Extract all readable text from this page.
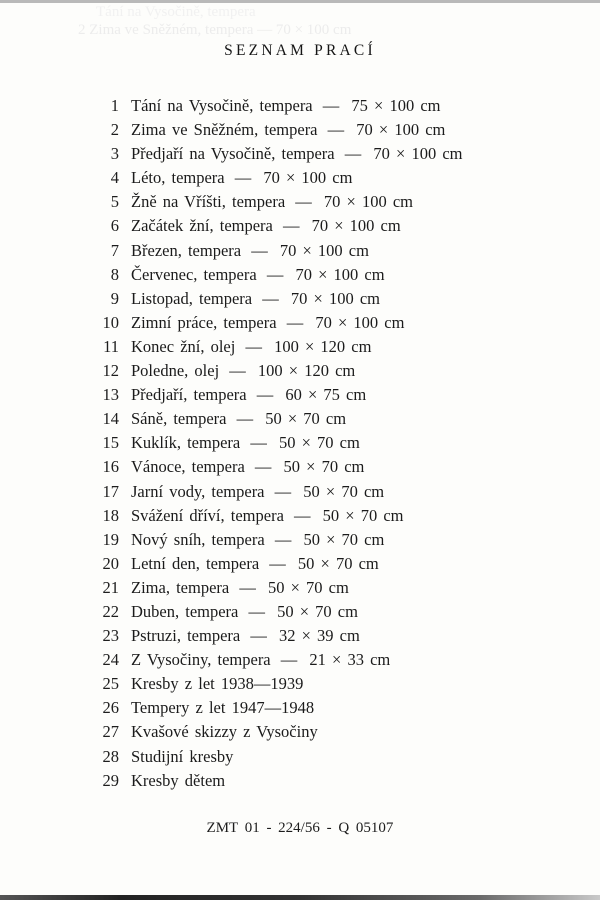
Tání na Vysočině, tempera
2 Zima ve Sněžném, tempera — 70 × 100 cm
SEZNAM PRACÍ
1 Tání na Vysočině, tempera — 75 × 100 cm
2 Zima ve Sněžném, tempera — 70 × 100 cm
3 Předjaří na Vysočině, tempera — 70 × 100 cm
4 Léto, tempera — 70 × 100 cm
5 Žně na Vříšti, tempera — 70 × 100 cm
6 Začátek žní, tempera — 70 × 100 cm
7 Březen, tempera — 70 × 100 cm
8 Červenec, tempera — 70 × 100 cm
9 Listopad, tempera — 70 × 100 cm
10 Zimní práce, tempera — 70 × 100 cm
11 Konec žní, olej — 100 × 120 cm
12 Poledne, olej — 100 × 120 cm
13 Předjaří, tempera — 60 × 75 cm
14 Sáně, tempera — 50 × 70 cm
15 Kuklík, tempera — 50 × 70 cm
16 Vánoce, tempera — 50 × 70 cm
17 Jarní vody, tempera — 50 × 70 cm
18 Svážení dříví, tempera — 50 × 70 cm
19 Nový sníh, tempera — 50 × 70 cm
20 Letní den, tempera — 50 × 70 cm
21 Zima, tempera — 50 × 70 cm
22 Duben, tempera — 50 × 70 cm
23 Pstruzi, tempera — 32 × 39 cm
24 Z Vysočiny, tempera — 21 × 33 cm
25 Kresby z let 1938—1939
26 Tempery z let 1947—1948
27 Kvašové skizzy z Vysočiny
28 Studijní kresby
29 Kresby dětem
ZMT 01 - 224/56 - Q 05107
